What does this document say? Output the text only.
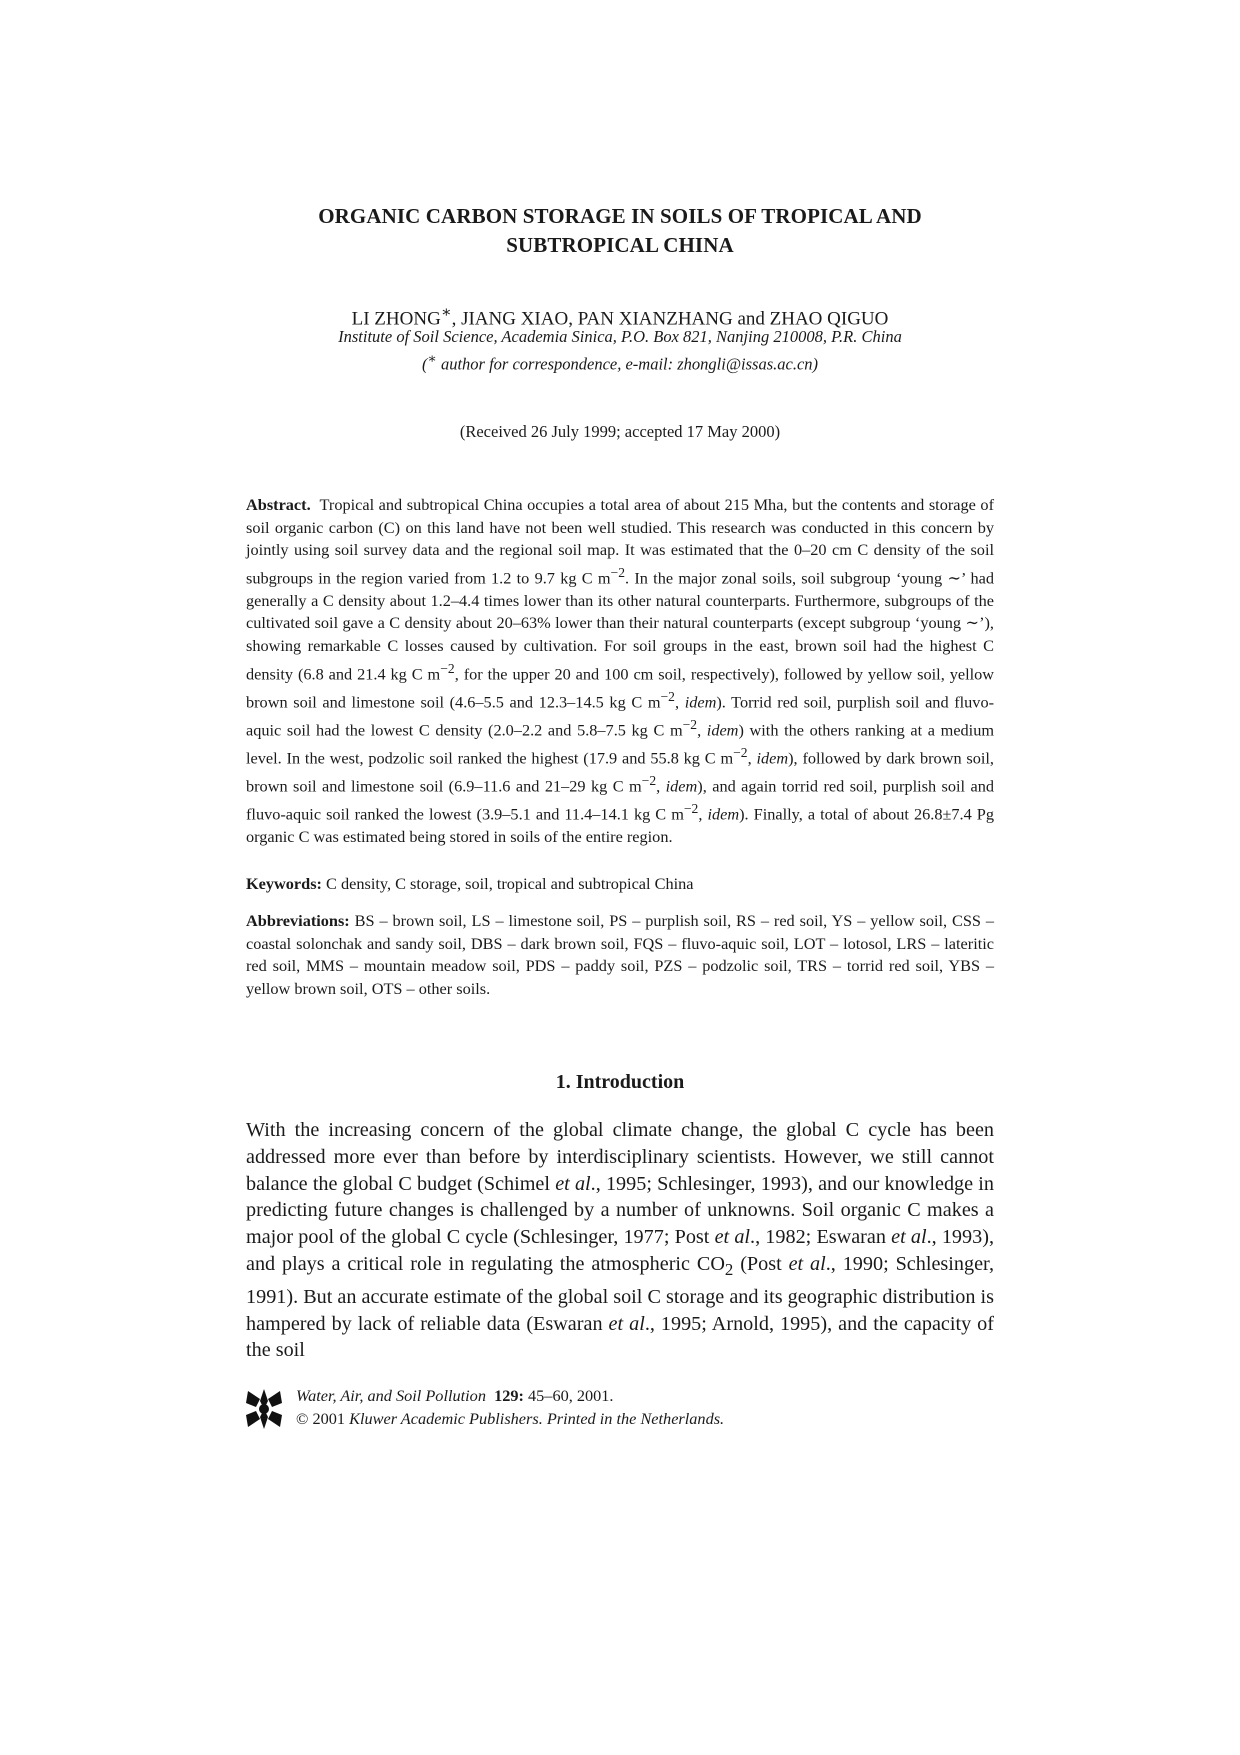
ORGANIC CARBON STORAGE IN SOILS OF TROPICAL AND
SUBTROPICAL CHINA
LI ZHONG∗, JIANG XIAO, PAN XIANZHANG and ZHAO QIGUO
Institute of Soil Science, Academia Sinica, P.O. Box 821, Nanjing 210008, P.R. China
(∗ author for correspondence, e-mail: zhongli@issas.ac.cn)
(Received 26 July 1999; accepted 17 May 2000)
Abstract. Tropical and subtropical China occupies a total area of about 215 Mha, but the contents and storage of soil organic carbon (C) on this land have not been well studied. This research was conducted in this concern by jointly using soil survey data and the regional soil map. It was estimated that the 0–20 cm C density of the soil subgroups in the region varied from 1.2 to 9.7 kg C $m^{-2}$. In the major zonal soils, soil subgroup ‘young ∼’ had generally a C density about 1.2–4.4 times lower than its other natural counterparts. Furthermore, subgroups of the cultivated soil gave a C density about 20–63% lower than their natural counterparts (except subgroup ‘young ∼’), showing remarkable C losses caused by cultivation. For soil groups in the east, brown soil had the highest C density (6.8 and 21.4 kg C $m^{-2}$, for the upper 20 and 100 cm soil, respectively), followed by yellow soil, yellow brown soil and limestone soil (4.6–5.5 and 12.3–14.5 kg C $m^{-2}$, idem). Torrid red soil, purplish soil and fluvo-aquic soil had the lowest C density (2.0–2.2 and 5.8–7.5 kg C $m^{-2}$, idem) with the others ranking at a medium level. In the west, podzolic soil ranked the highest (17.9 and 55.8 kg C $m^{-2}$, idem), followed by dark brown soil, brown soil and limestone soil (6.9–11.6 and 21–29 kg C $m^{-2}$, idem), and again torrid red soil, purplish soil and fluvo-aquic soil ranked the lowest (3.9–5.1 and 11.4–14.1 kg C $m^{-2}$, idem). Finally, a total of about 26.8±7.4 Pg organic C was estimated being stored in soils of the entire region.
Keywords: C density, C storage, soil, tropical and subtropical China
Abbreviations: BS – brown soil, LS – limestone soil, PS – purplish soil, RS – red soil, YS – yellow soil, CSS – coastal solonchak and sandy soil, DBS – dark brown soil, FQS – fluvo-aquic soil, LOT – lotosol, LRS – lateritic red soil, MMS – mountain meadow soil, PDS – paddy soil, PZS – podzolic soil, TRS – torrid red soil, YBS – yellow brown soil, OTS – other soils.
1. Introduction
With the increasing concern of the global climate change, the global C cycle has been addressed more ever than before by interdisciplinary scientists. However, we still cannot balance the global C budget (Schimel et al., 1995; Schlesinger, 1993), and our knowledge in predicting future changes is challenged by a number of unknowns. Soil organic C makes a major pool of the global C cycle (Schlesinger, 1977; Post et al., 1982; Eswaran et al., 1993), and plays a critical role in regulating the atmospheric $CO_2$ (Post et al., 1990; Schlesinger, 1991). But an accurate estimate of the global soil C storage and its geographic distribution is hampered by lack of reliable data (Eswaran et al., 1995; Arnold, 1995), and the capacity of the soil
Water, Air, and Soil Pollution 129: 45–60, 2001.
© 2001 Kluwer Academic Publishers. Printed in the Netherlands.
